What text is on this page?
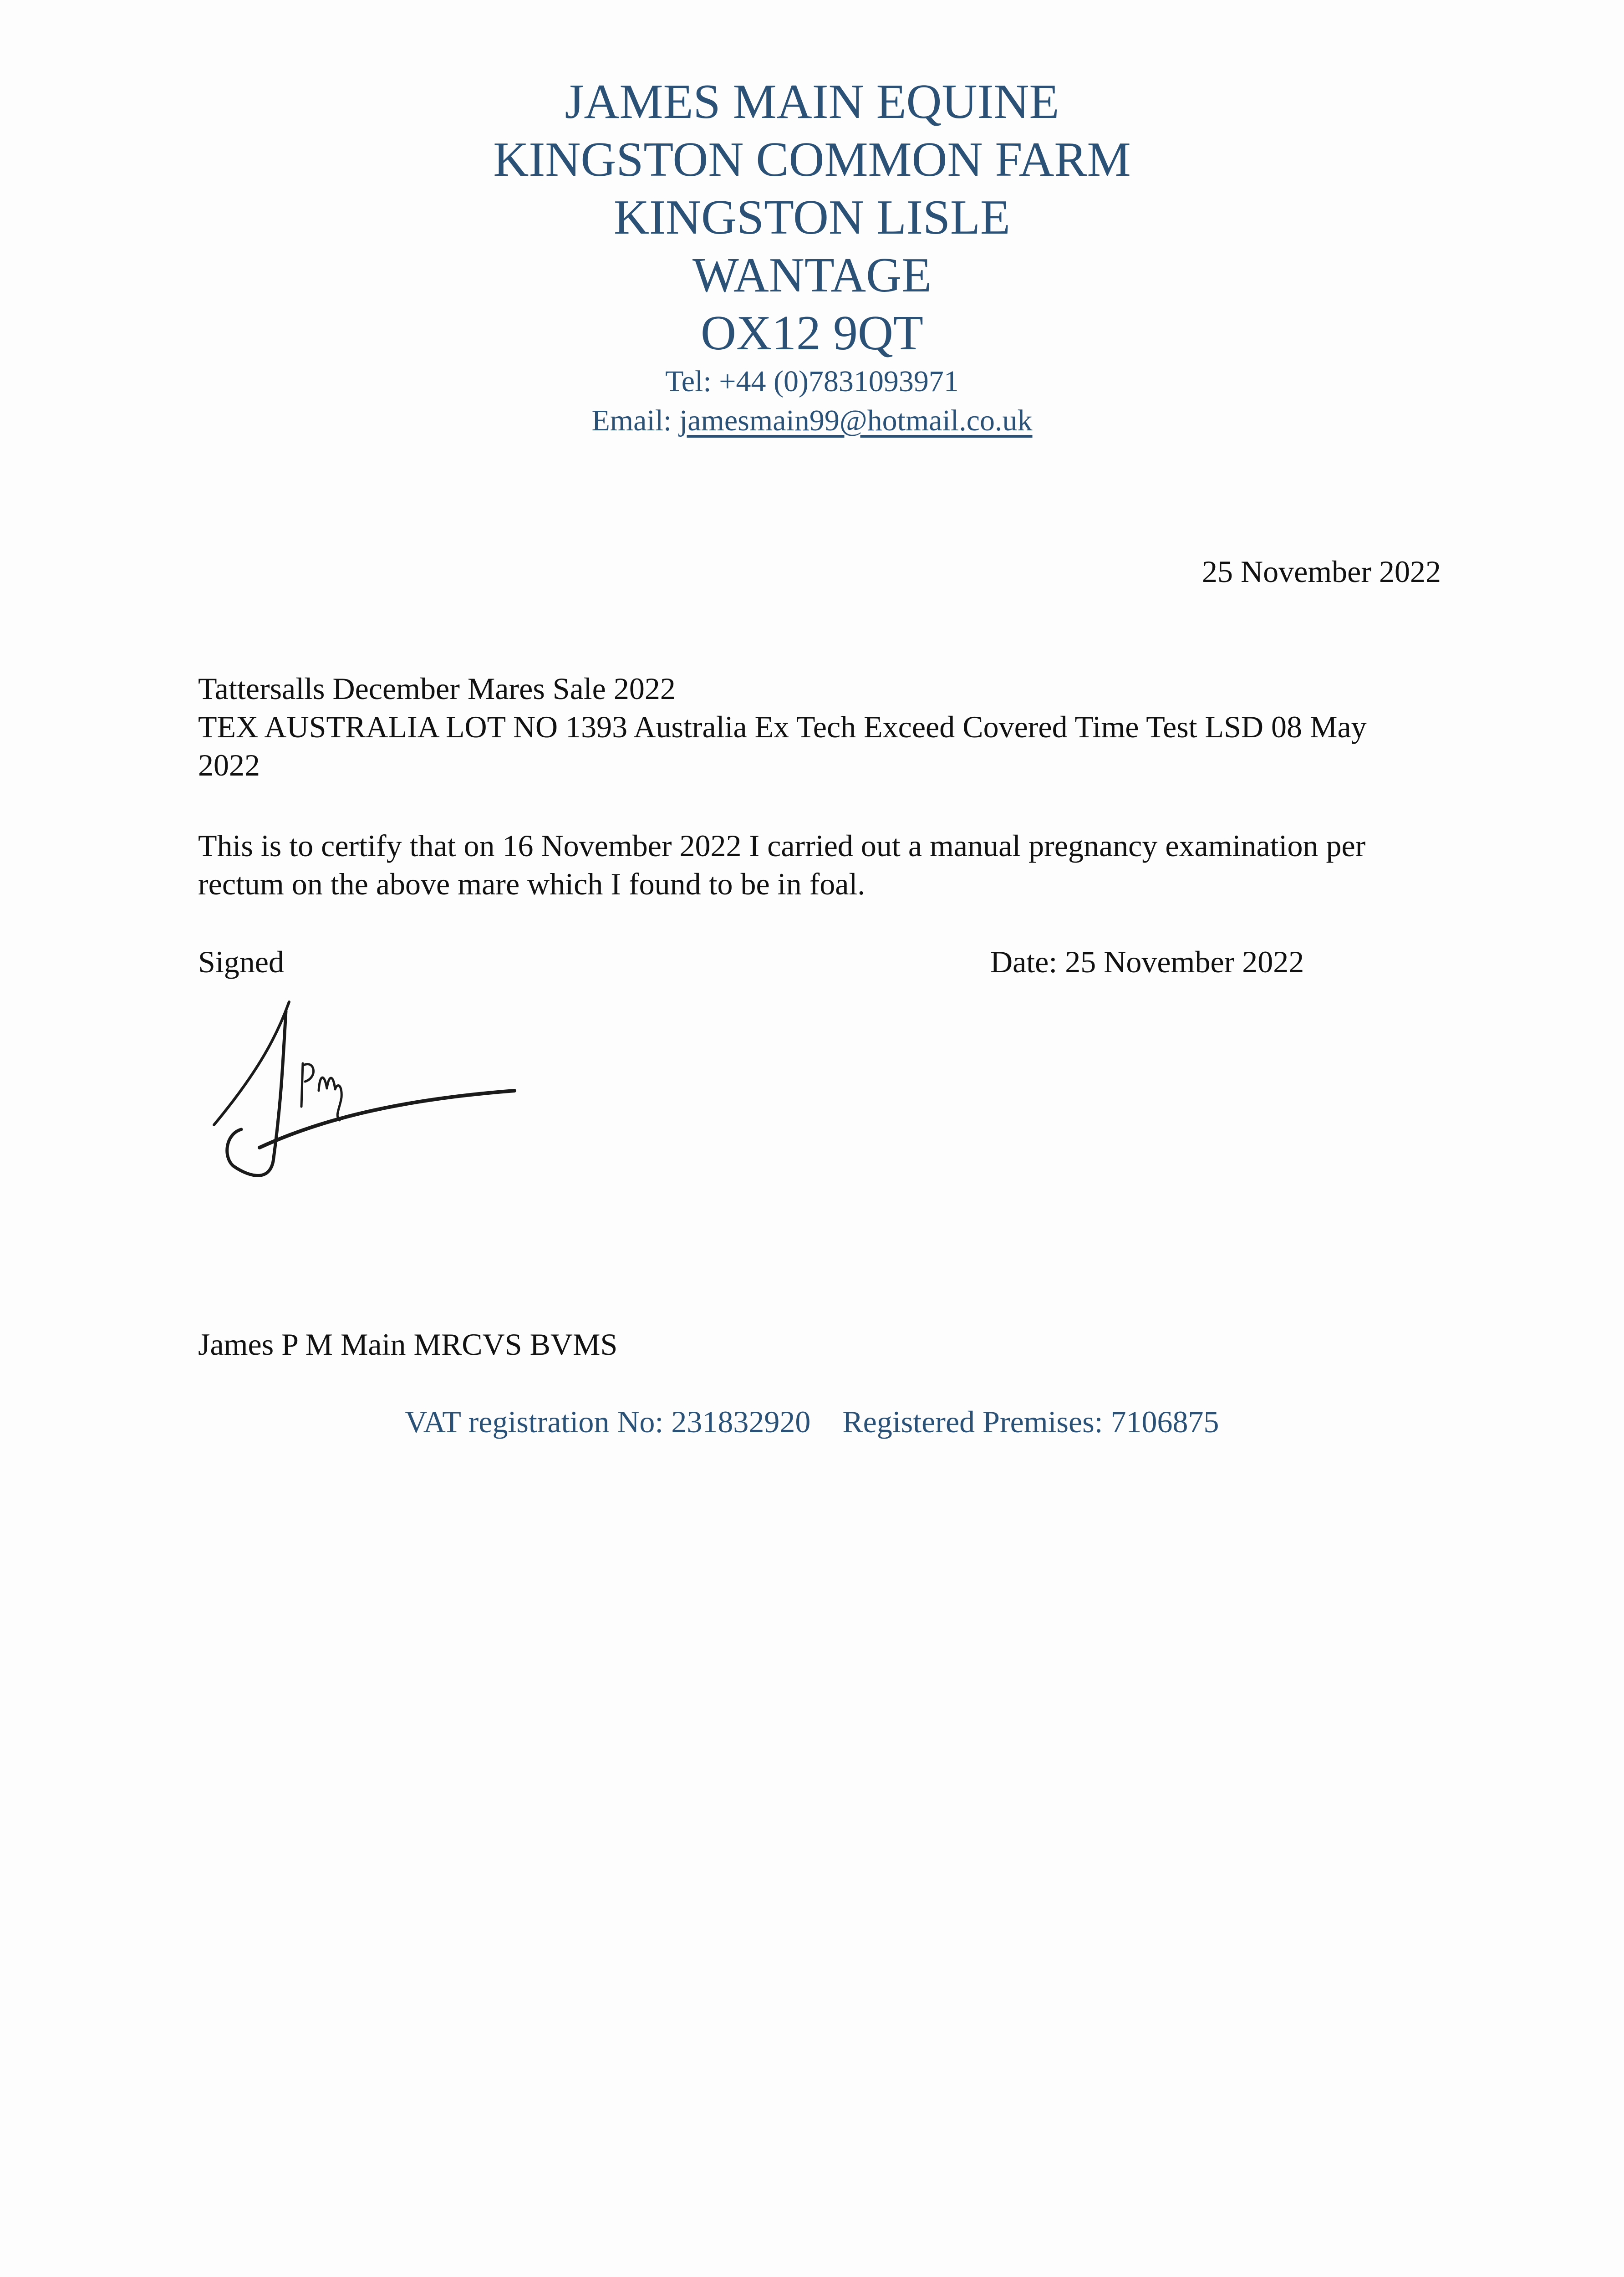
JAMES MAIN EQUINE
KINGSTON COMMON FARM
KINGSTON LISLE
WANTAGE
OX12 9QT
Tel: +44 (0)7831093971
Email: jamesmain99@hotmail.co.uk
25 November 2022
Tattersalls December Mares Sale 2022
TEX AUSTRALIA LOT NO 1393 Australia Ex Tech Exceed Covered Time Test LSD 08 May 2022
This is to certify that on 16 November 2022 I carried out a manual pregnancy examination per rectum on the above mare which I found to be in foal.
Signed	Date: 25 November 2022
James P M Main MRCVS BVMS
VAT registration No: 231832920 Registered Premises: 7106875
